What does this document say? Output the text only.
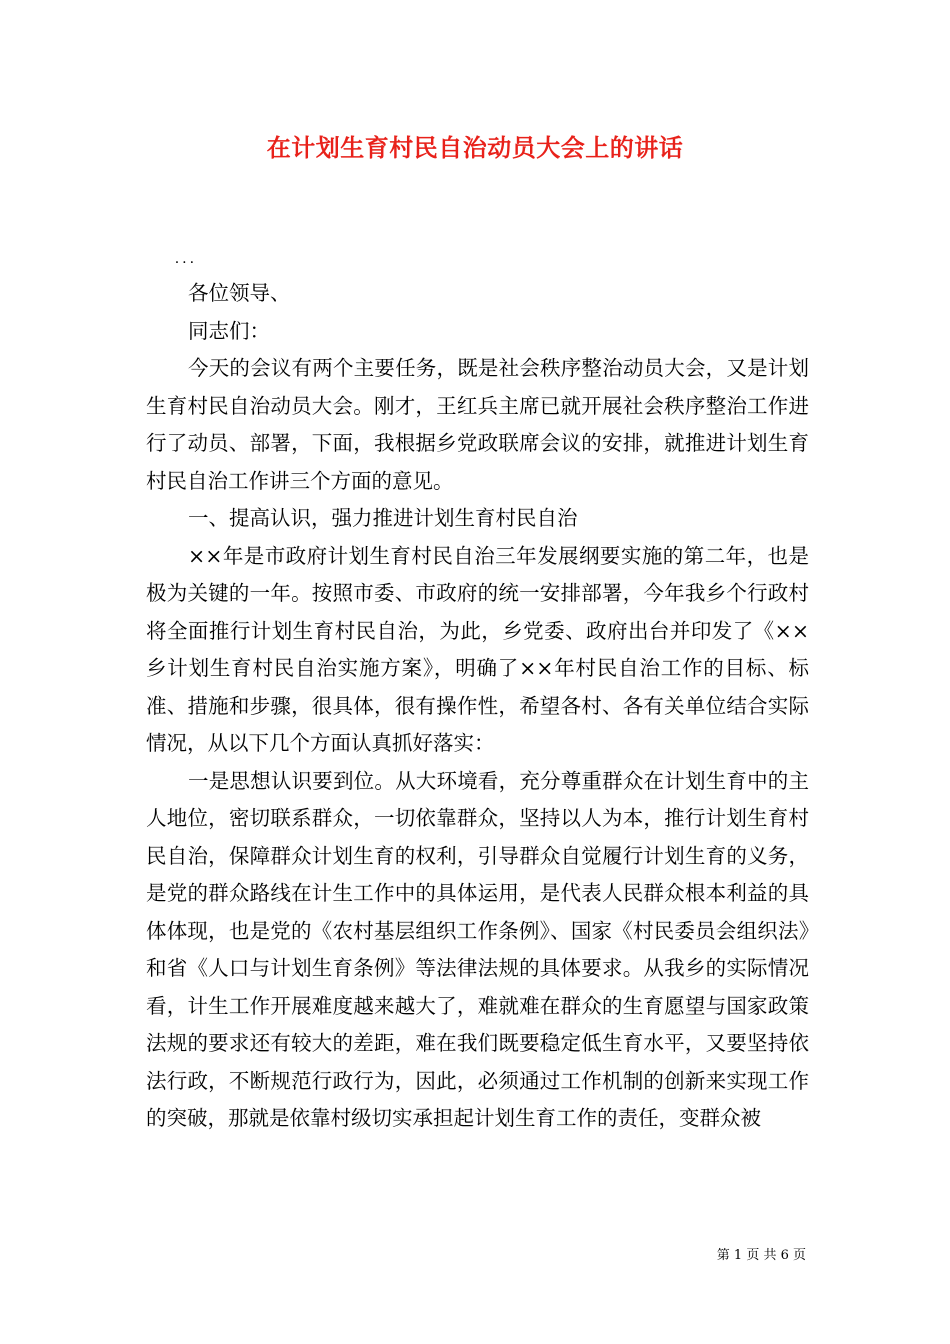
在计划生育村民自治动员大会上的讲话

...

各位领导、

同志们：

今天的会议有两个主要任务，既是社会秩序整治动员大会，又是计划生育村民自治动员大会。刚才，王红兵主席已就开展社会秩序整治工作进行了动员、部署，下面，我根据乡党政联席会议的安排，就推进计划生育村民自治工作讲三个方面的意见。

一、提高认识，强力推进计划生育村民自治

××年是市政府计划生育村民自治三年发展纲要实施的第二年，也是极为关键的一年。按照市委、市政府的统一安排部署，今年我乡个行政村将全面推行计划生育村民自治，为此，乡党委、政府出台并印发了《××乡计划生育村民自治实施方案》，明确了××年村民自治工作的目标、标准、措施和步骤，很具体，很有操作性，希望各村、各有关单位结合实际情况，从以下几个方面认真抓好落实：

一是思想认识要到位。从大环境看，充分尊重群众在计划生育中的主人地位，密切联系群众，一切依靠群众，坚持以人为本，推行计划生育村民自治，保障群众计划生育的权利，引导群众自觉履行计划生育的义务，是党的群众路线在计生工作中的具体运用，是代表人民群众根本利益的具体体现，也是党的《农村基层组织工作条例》、国家《村民委员会组织法》和省《人口与计划生育条例》等法律法规的具体要求。从我乡的实际情况看，计生工作开展难度越来越大了，难就难在群众的生育愿望与国家政策法规的要求还有较大的差距，难在我们既要稳定低生育水平，又要坚持依法行政，不断规范行政行为，因此，必须通过工作机制的创新来实现工作的突破，那就是依靠村级切实承担起计划生育工作的责任，变群众被

第 1 页 共 6 页
